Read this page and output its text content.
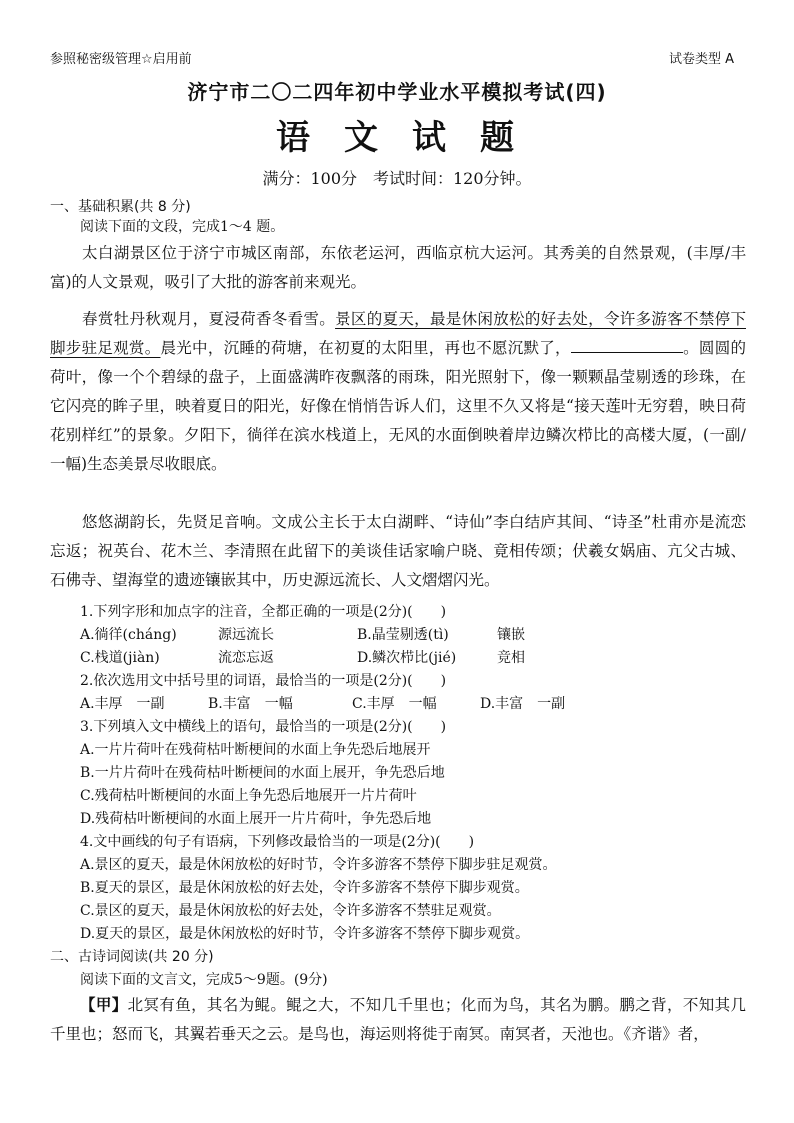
参照秘密级管理☆启用前	试卷类型 A
济宁市二〇二四年初中学业水平模拟考试(四)
语文试题
满分：100分　考试时间：120分钟。
一、基础积累(共 8 分)
阅读下面的文段，完成1～4 题。

太白湖景区位于济宁市城区南部，东依老运河，西临京杭大运河。其秀美的自然景观，(丰厚/丰富)的人文景观，吸引了大批的游客前来观光。

春赏牡丹秋观月，夏浸荷香冬看雪。景区的夏天，最是休闲放松的好去处，令许多游客不禁停下脚步驻足观赏。晨光中，沉睡的荷塘，在初夏的太阳里，再也不愿沉默了，	。圆圆的荷叶，像一个个碧绿的盘子，上面盛满昨夜飘落的雨珠，阳光照射下，像一颗颗晶莹剔透的珍珠，在它闪亮的眸子里，映着夏日的阳光，好像在悄悄告诉人们，这里不久又将是“接天莲叶无穷碧，映日荷花别样红”的景象。夕阳下，徜徉在滨水栈道上，无风的水面倒映着岸边鳞次栉比的高楼大厦，(一副/一幅)生态美景尽收眼底。

悠悠湖韵长，先贤足音响。文成公主长于太白湖畔、“诗仙”李白结庐其间、“诗圣”杜甫亦是流恋忘返；祝英台、花木兰、李清照在此留下的美谈佳话家喻户晓、竟相传颂；伏羲女娲庙、亢父古城、石佛寺、望海堂的遗迹镶嵌其中，历史源远流长、人文熠熠闪光。

1.下列字形和加点字的注音，全都正确的一项是(2分)(　　)
A.徜徉(cháng)	源远流长	B.晶莹剔透(tì)	镶嵌
C.栈道(jiàn)	流恋忘返	D.鳞次栉比(jié)	竞相
2.依次选用文中括号里的词语，最恰当的一项是(2分)(　　)
A.丰厚　一副	B.丰富　一幅	C.丰厚　一幅	D.丰富　一副
3.下列填入文中横线上的语句，最恰当的一项是(2分)(　　)
A.一片片荷叶在残荷枯叶断梗间的水面上争先恐后地展开
B.一片片荷叶在残荷枯叶断梗间的水面上展开，争先恐后地
C.残荷枯叶断梗间的水面上争先恐后地展开一片片荷叶
D.残荷枯叶断梗间的水面上展开一片片荷叶，争先恐后地
4.文中画线的句子有语病，下列修改最恰当的一项是(2分)(　　)
A.景区的夏天，最是休闲放松的好时节，令许多游客不禁停下脚步驻足观赏。
B.夏天的景区，最是休闲放松的好去处，令许多游客不禁停下脚步观赏。
C.景区的夏天，最是休闲放松的好去处，令许多游客不禁驻足观赏。
D.夏天的景区，最是休闲放松的好时节，令许多游客不禁停下脚步观赏。
二、古诗词阅读(共 20 分)
阅读下面的文言文，完成5～9题。(9分)

【甲】北冥有鱼，其名为鲲。鲲之大，不知几千里也；化而为鸟，其名为鹏。鹏之背，不知其几千里也；怒而飞，其翼若垂天之云。是鸟也，海运则将徙于南冥。南冥者，天池也。《齐谐》者，
